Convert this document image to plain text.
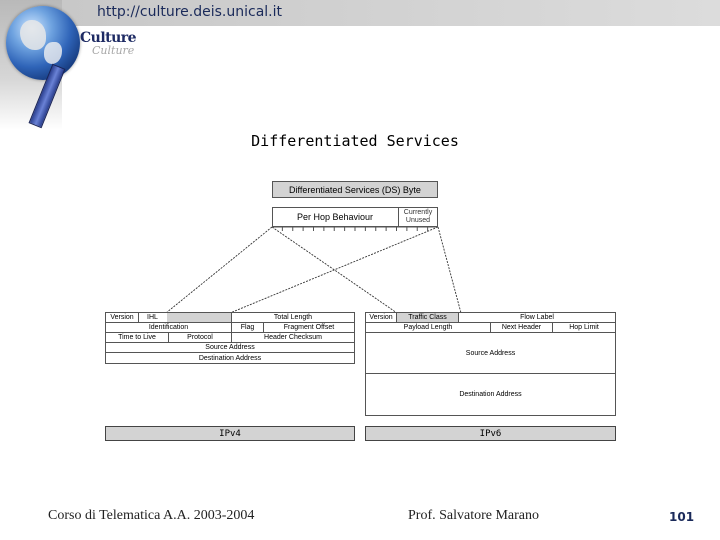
http://culture.deis.unical.it
Culture
Culture
Differentiated Services
Differentiated Services (DS) Byte
Per Hop Behaviour	Currently Unused
Version	IHL	Total Length
Identification	Flag	Fragment Offset
Time to Live	Protocol	Header Checksum
Source Address
Destination Address
Version	Traffic Class	Flow Label
Payload Length	Next Header	Hop Limit
Source Address
Destination Address
IPv4	IPv6
Corso di Telematica A.A. 2003-2004	Prof. Salvatore Marano	101
